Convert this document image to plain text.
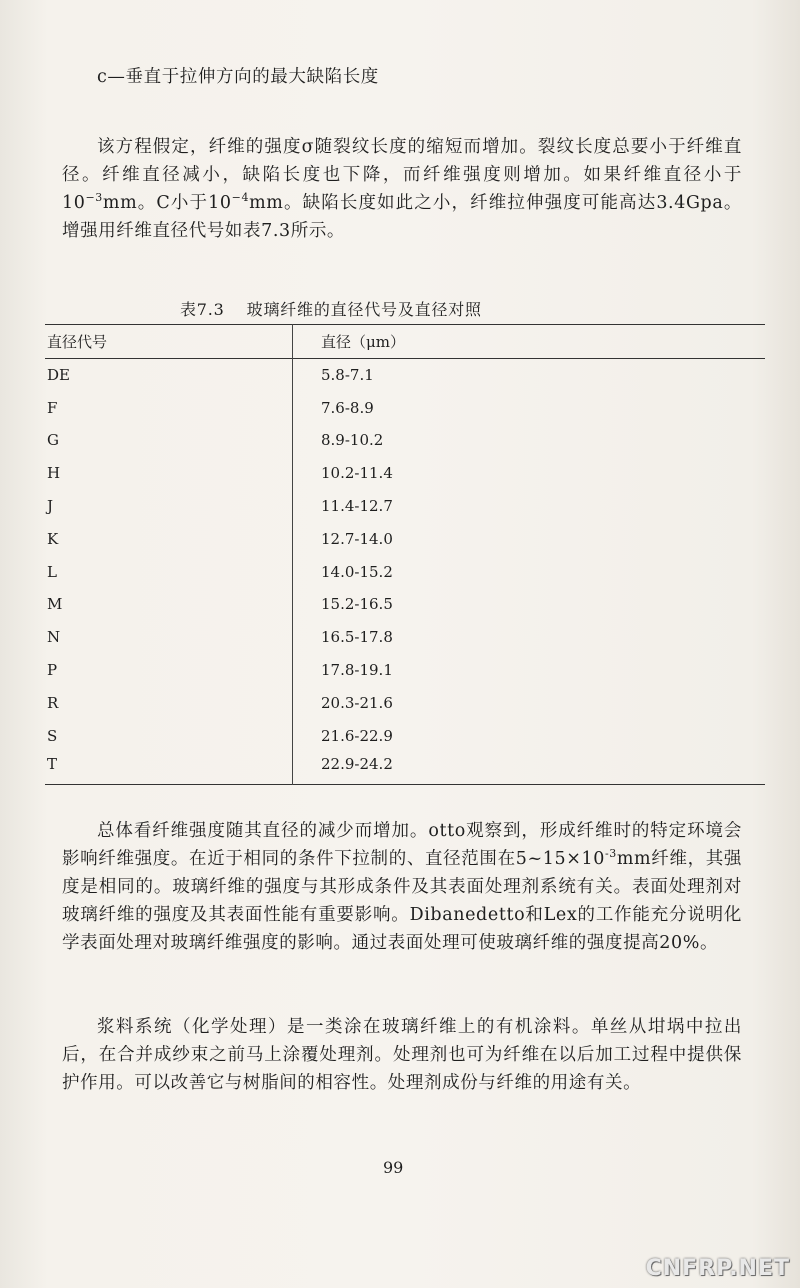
c—垂直于拉伸方向的最大缺陷长度

该方程假定，纤维的强度σ随裂纹长度的缩短而增加。裂纹长度总要小于纤维直径。纤维直径减小，缺陷长度也下降，而纤维强度则增加。如果纤维直径小于$10^{-3}mm$。C小于$10^{-4}mm$。缺陷长度如此之小，纤维拉伸强度可能高达3.4Gpa。增强用纤维直径代号如表7.3所示。

表7.3 玻璃纤维的直径代号及直径对照
直径代号	直径（μm）
DE	5.8-7.1
F	7.6-8.9
G	8.9-10.2
H	10.2-11.4
J	11.4-12.7
K	12.7-14.0
L	14.0-15.2
M	15.2-16.5
N	16.5-17.8
P	17.8-19.1
R	20.3-21.6
S	21.6-22.9
T	22.9-24.2

总体看纤维强度随其直径的减少而增加。otto观察到，形成纤维时的特定环境会影响纤维强度。在近于相同的条件下拉制的、直径范围在$5\sim 15\times 10^{-3}mm$纤维，其强度是相同的。玻璃纤维的强度与其形成条件及其表面处理剂系统有关。表面处理剂对玻璃纤维的强度及其表面性能有重要影响。Dibanedetto和Lex的工作能充分说明化学表面处理对玻璃纤维强度的影响。通过表面处理可使玻璃纤维的强度提高20%。

浆料系统（化学处理）是一类涂在玻璃纤维上的有机涂料。单丝从坩埚中拉出后，在合并成纱束之前马上涂覆处理剂。处理剂也可为纤维在以后加工过程中提供保护作用。可以改善它与树脂间的相容性。处理剂成份与纤维的用途有关。

99
CNFRP.NET
